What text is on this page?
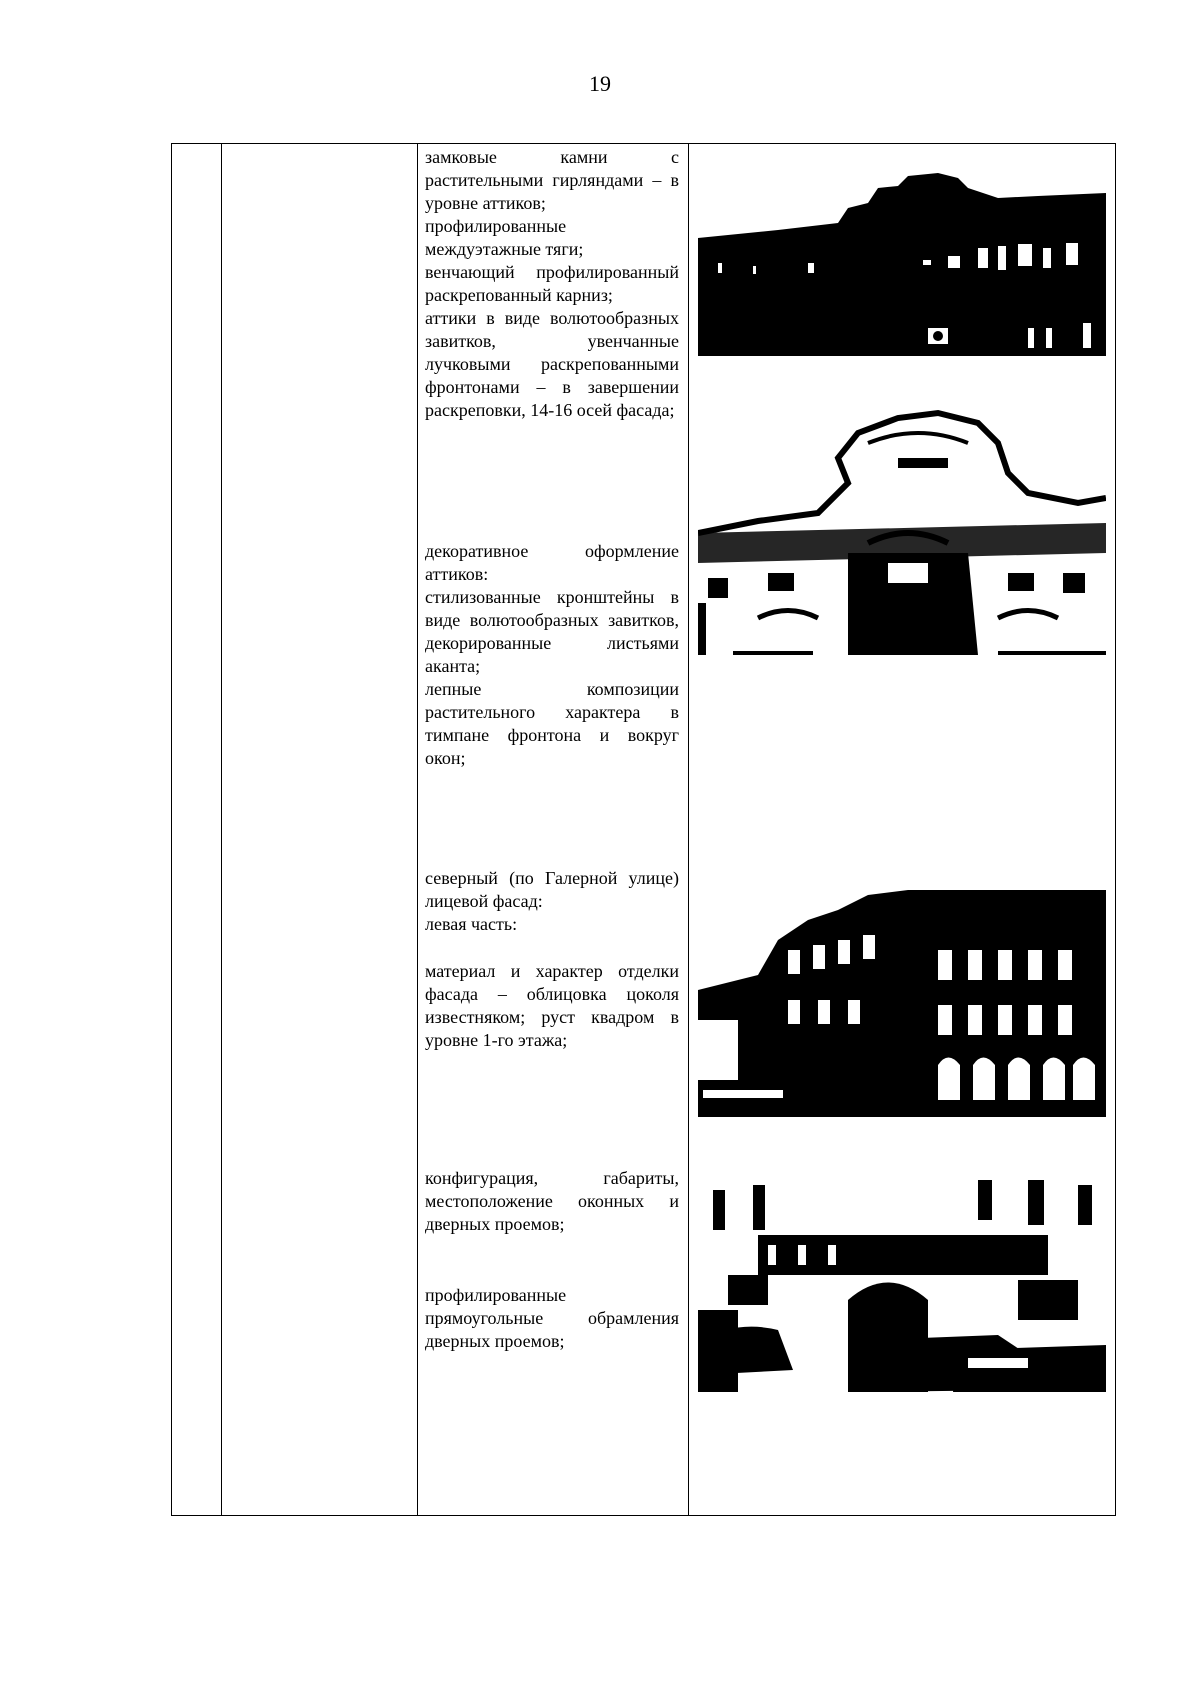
19

замковые камни с растительными гирляндами – в уровне аттиков;

профилированные междуэтажные тяги;

венчающий профилированный раскрепованный карниз;

аттики в виде волютообразных завитков, увенчанные лучковыми раскрепованными фронтонами – в завершении раскреповки, 14-16 осей фасада;

декоративное оформление аттиков:

стилизованные кронштейны в виде волютообразных завитков, декорированные листьями аканта;

лепные композиции растительного характера в тимпане фронтона и вокруг окон;

северный (по Галерной улице) лицевой фасад:

левая часть:

материал и характер отделки фасада – облицовка цоколя известняком; руст квадром в уровне 1-го этажа;

конфигурация, габариты, местоположение оконных и дверных проемов;

профилированные прямоугольные обрамления дверных проемов;
